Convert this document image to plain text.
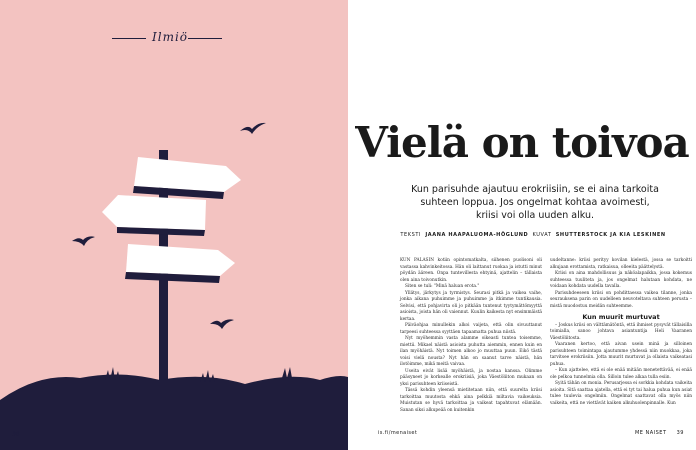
Ilmiö
38
Vielä on toivoa

Kun parisuhde ajautuu erokriisiin, se ei aina tarkoita suhteen loppua. Jos ongelmat kohtaa avoimesti, kriisi voi olla uuden alku.

TEKSTI JAANA HAAPALUOMA-HÖGLUND KUVAT SHUTTERSTOCK JA KIA LESKINEN

KUN PALASIN kotiin opintomatkalta, siihenen puolisoni oli vastassa kahvinkeitossa. Hän oli laittanut ruokaa ja istutti minut pöydän ääreen. Onpa tuntevillesta ehtyinä, ajattelin – tällaista olen aina toivonutkin.

Siten se tuli: "Minä haluan erota."

Yllätys, järkytys ja tyrmistys. Seurasi pitkä ja vaikea vaihe, jonka aikana puhuimme ja puhuimme ja itkimme tuntikausia. Selvisi, että pohjavirta oli jo pitkään tuntenut tyytymättömyyttä asioista, joista hän oli vaiennut. Kuulin kaikesta nyt ensimmäistä kertaa.

Päiväohjaa minullekin alkoi vaijeta, että olin sivuuttanut tarpeesi suhteessa syyttäen tapaamatta puhua niistä.

Nyt myöhemmin vasta alamme oikeasti tuntea toisemme, miettii. Mikael näistä asioista puhutta aiemmin, ennen kuin en ilan myöhäistä. Nyt toimen alkoo jo muuttaa puun. Eikö tästä voisi vielä nousta? Nyt hän on saanut tarve näistä, hän ilotöimme, mikä meitä vaivaa.

Useita eivät lisää myöhäistä, ja nostaa kanssa. Olimme pääsyneet jo korkealle erokriisiä, joka Väestöliiton mukaan on yksi parisuhteen kriiseistä.

Tässä kohdin yleensä mietitetaan niin, että suurelta kriisi tarkoittaa muutosta ehkä aina pelkkiä miltavia vaikeuksia. Muistutan se hyvä tarkoittaa ja vaikeat tapahtuvat elämään. Sanan siksi alkupeää on kuitenkin

uudeltanne: kriisi perityy kovilan kielestä, jossa se tarkoitti alkujaan erottamista, ratkaisua, olleeita päättelystä.

Kriisi on aina mahdollisuus ja näköalapaikka, jossa kokemus suhteessa tuuliteta ja, jos ongelmat halutaan kohdata, ne voidaan kohdata uudella tavalla.

Parisuhdeeseen kriisi on pohdittaessa vaikea tilanne, jonka seurauksena parin on uudelleen neuvoteltava suhteen perusta – mistä muodostuu meidän suhteemme.

Kun muurit murtuvat

– Joskus kriisi on välttämätöntä, että ihmiset pysyvät tällaisilla toimialla, sanoo johtava asiantuntija Heli Vaaranen Väestöliitosta.

Vaaranen kertoo, että aivan usein minä ja silloinen parisuhteen toimintapa ajautumme yhdessä niin muokkaa, joka tarvitsee erokriisiin. Jotta muurit murtuvat ja ollaista vaikeatasi puhua.

– Kun ajattelee, että ei ole enää mitään menetettävää, ei enää ole pelkoa tunnelmia olla. Silloin tulee alkaa tulla esiin.

Syitä tähän on monia. Perusarjessa ei sorkkia kohdata vaikeita asioita. Sitä saattaa ajatella, että ei tyt tai halua puhua kun asiat tulee tuulevia ongelmiin. Ongelmat saattavat olla myös niin vaikeita, että ne viettävät kaiken alkuhuolenpinnalle. Kun

is.fi/menaiset	ME NAISET 39
